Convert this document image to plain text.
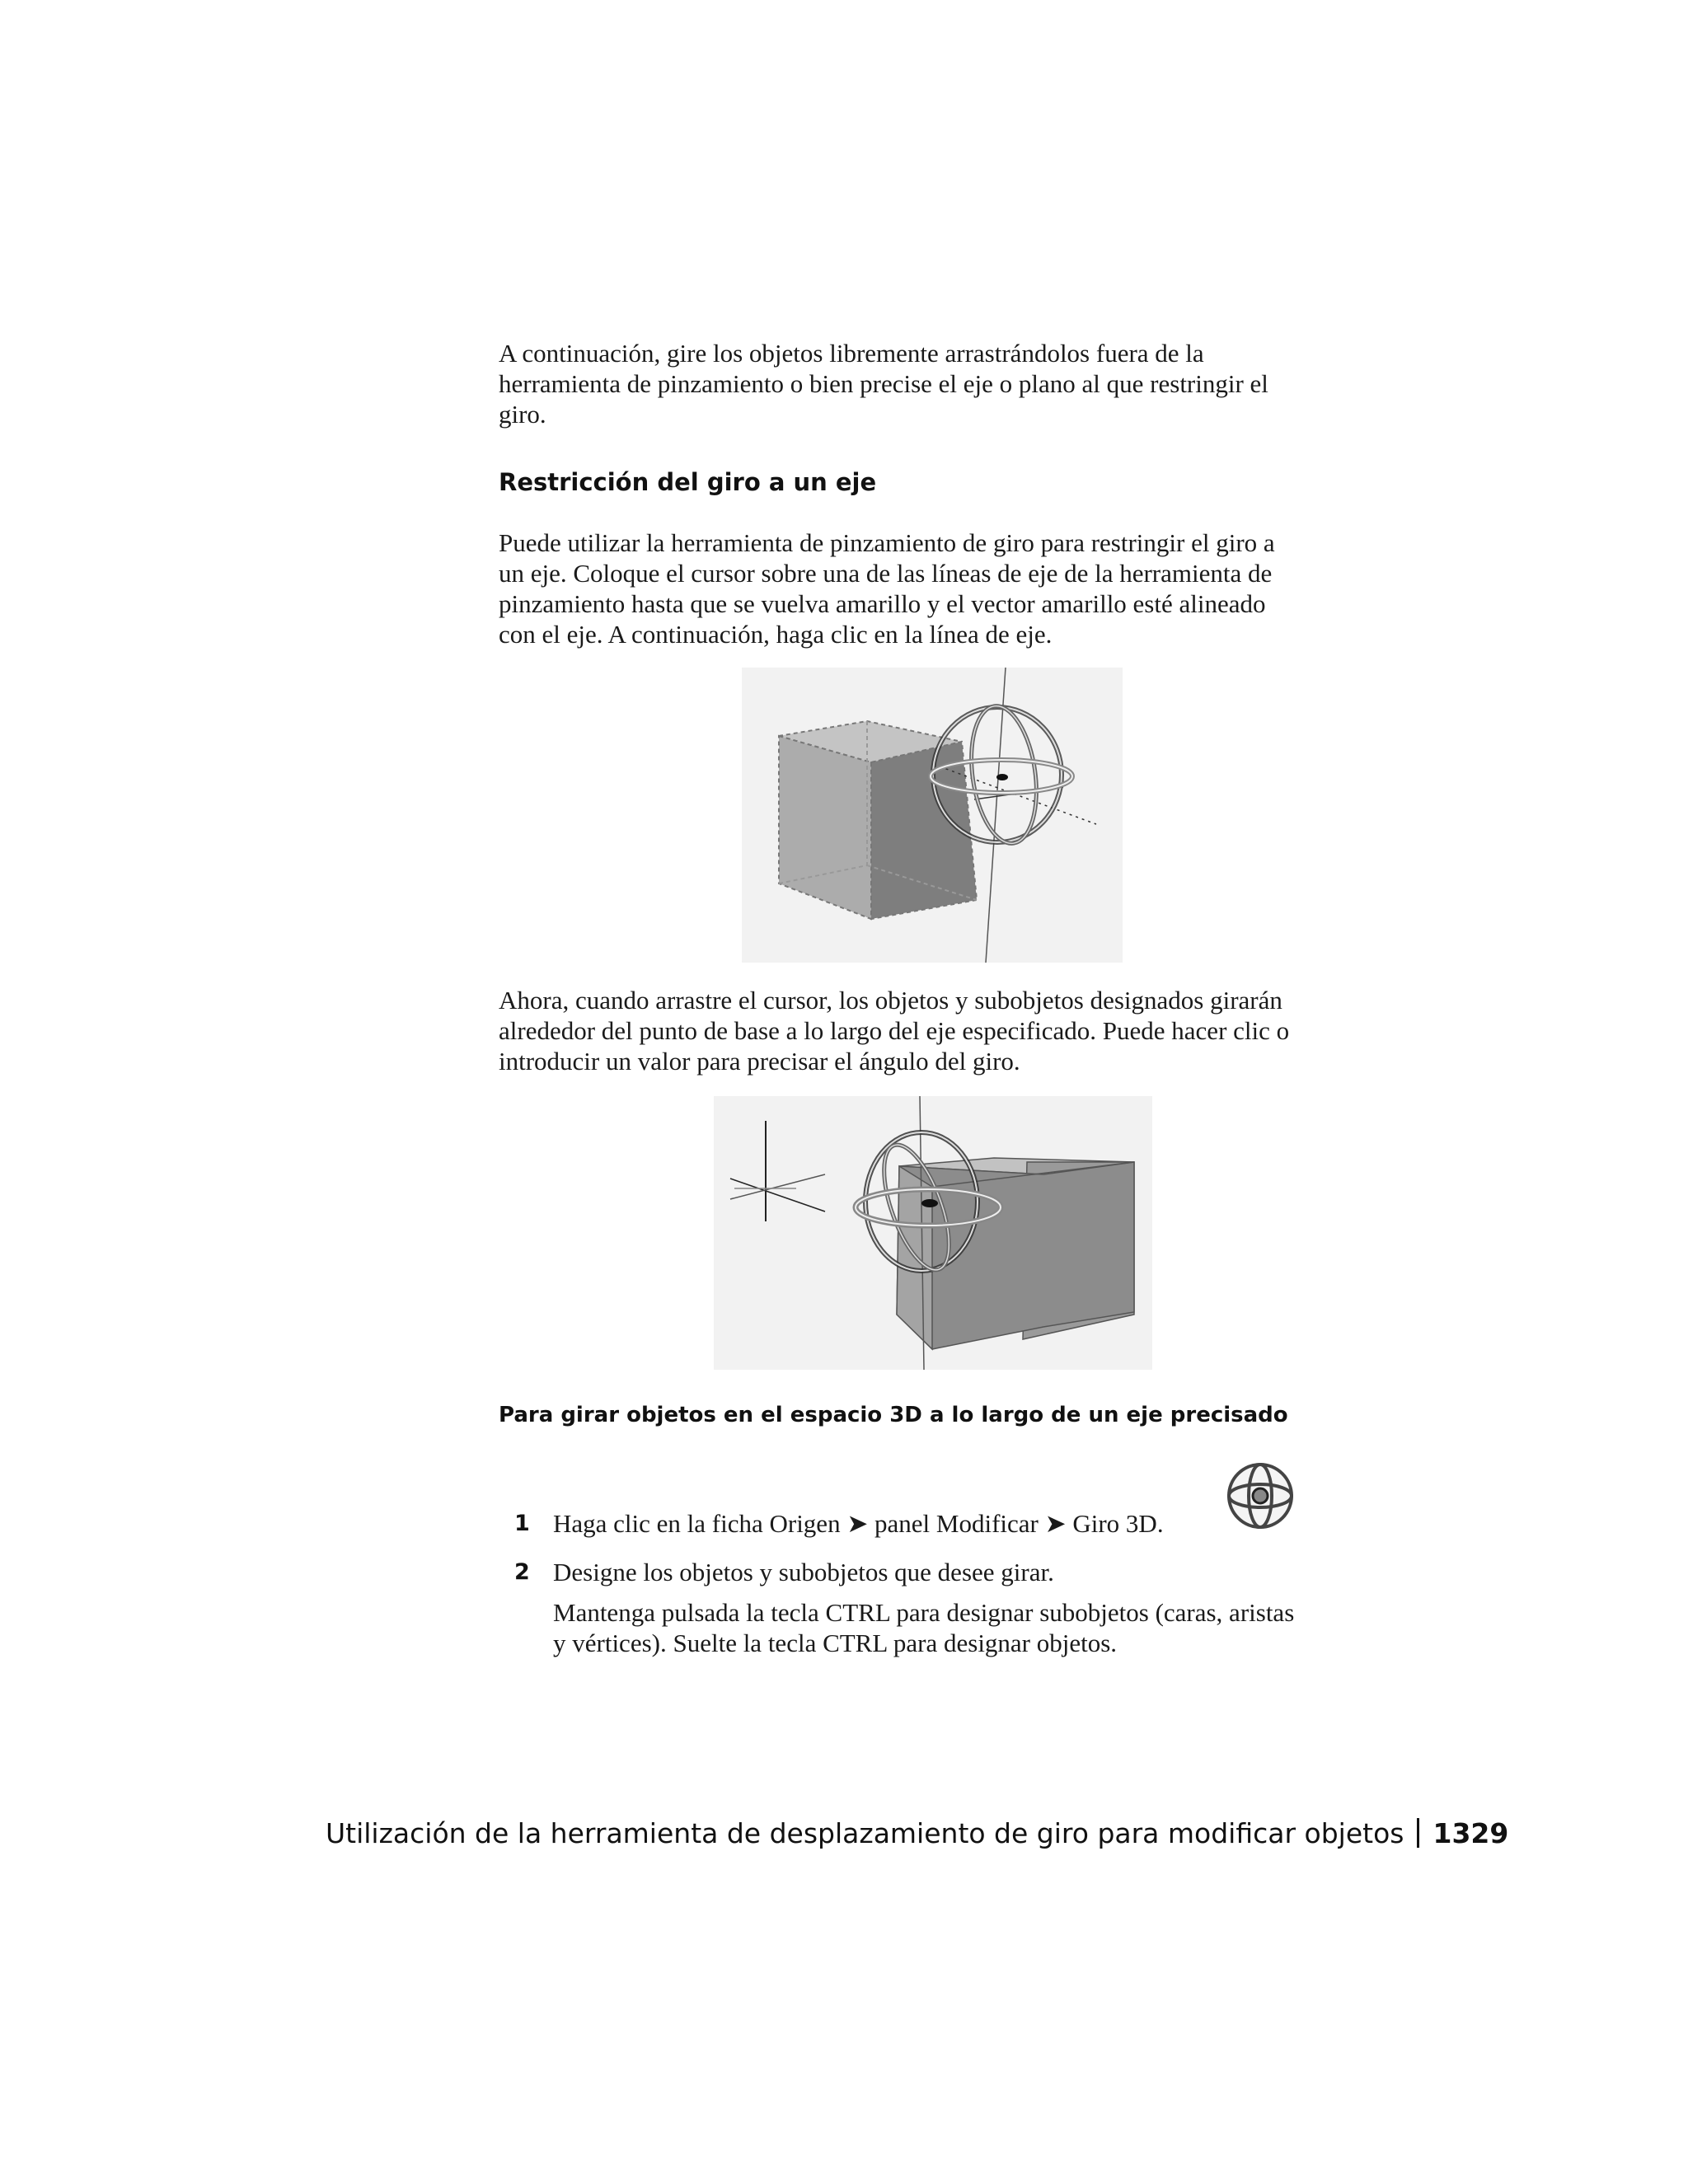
A continuación, gire los objetos libremente arrastrándolos fuera de la
herramienta de pinzamiento o bien precise el eje o plano al que restringir el
giro.
Restricción del giro a un eje
Puede utilizar la herramienta de pinzamiento de giro para restringir el giro a
un eje. Coloque el cursor sobre una de las líneas de eje de la herramienta de
pinzamiento hasta que se vuelva amarillo y el vector amarillo esté alineado
con el eje. A continuación, haga clic en la línea de eje.
Ahora, cuando arrastre el cursor, los objetos y subobjetos designados girarán
alrededor del punto de base a lo largo del eje especificado. Puede hacer clic o
introducir un valor para precisar el ángulo del giro.
Para girar objetos en el espacio 3D a lo largo de un eje precisado
1 Haga clic en la ficha Origen ➤ panel Modificar ➤ Giro 3D.
2 Designe los objetos y subobjetos que desee girar.
Mantenga pulsada la tecla CTRL para designar subobjetos (caras, aristas
y vértices). Suelte la tecla CTRL para designar objetos.
Utilización de la herramienta de desplazamiento de giro para modificar objetos 1329
